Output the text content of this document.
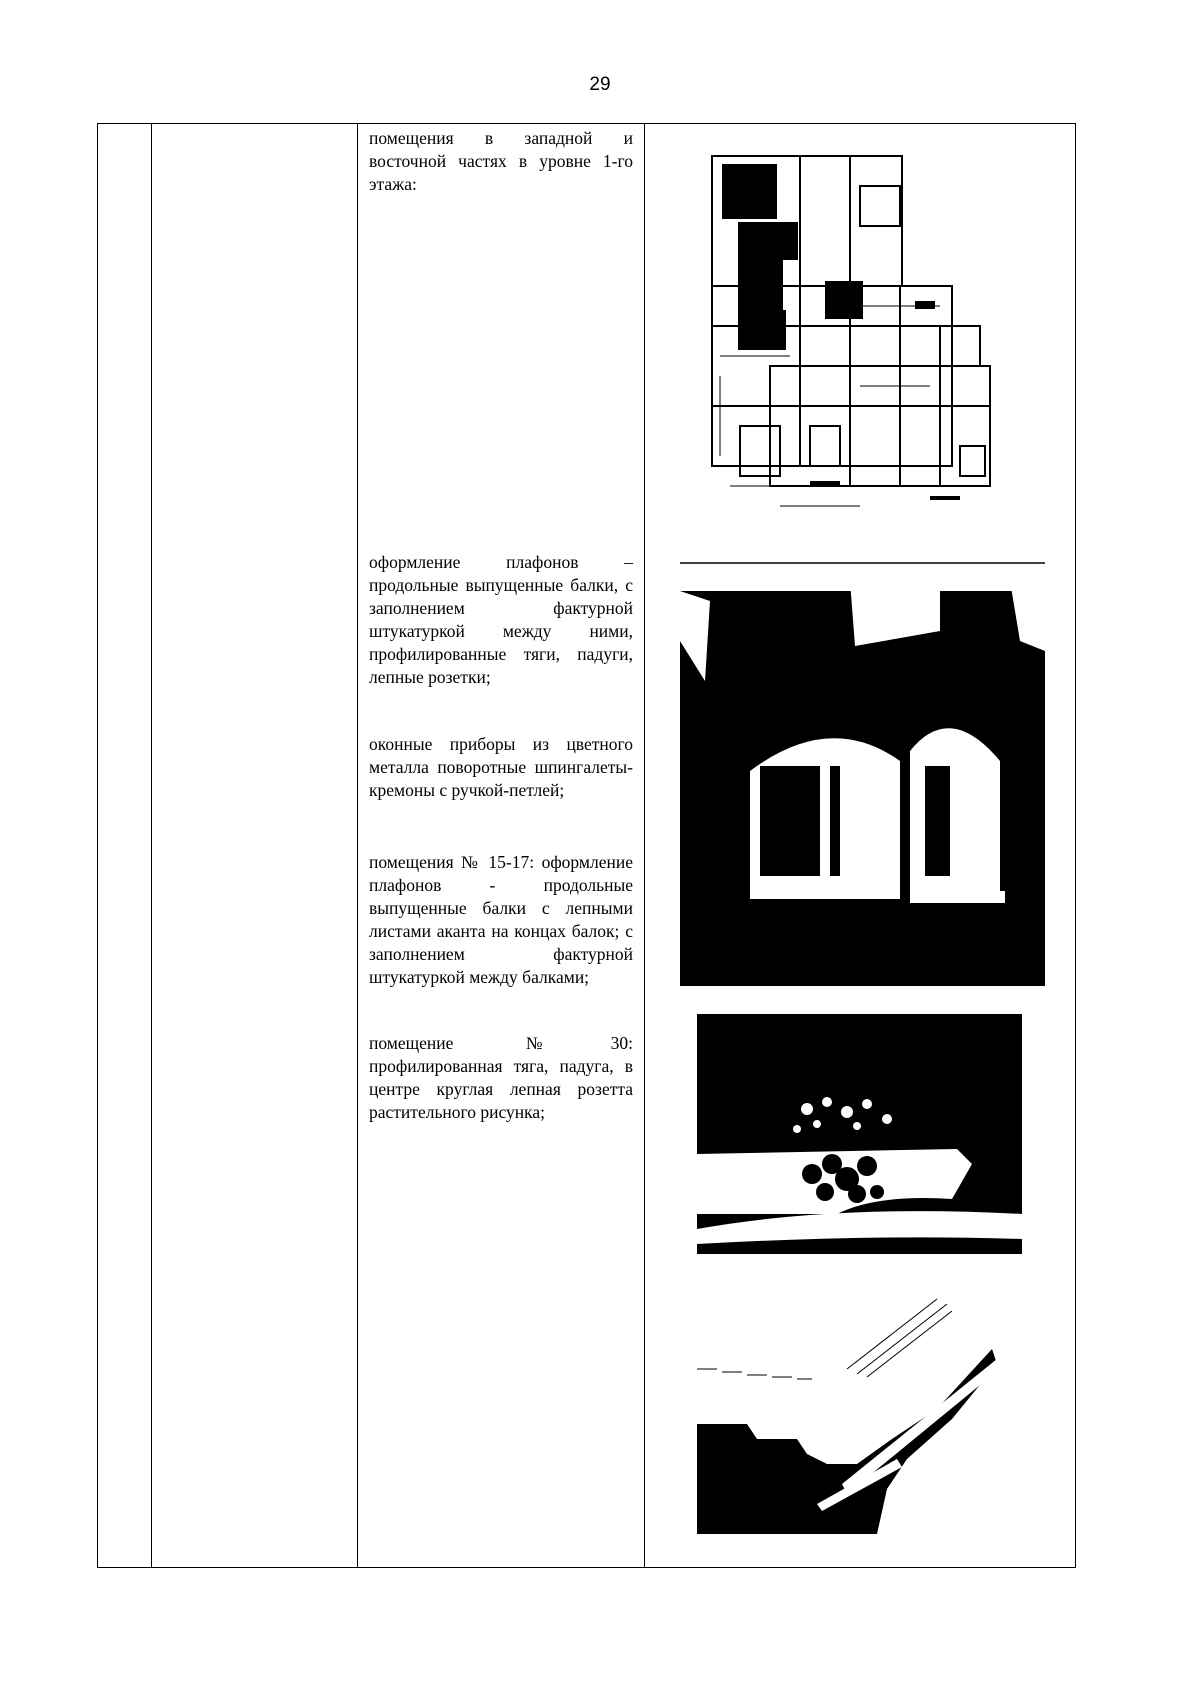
29

помещения в западной и восточной частях в уровне 1-го этажа:

оформление плафонов – продольные выпущенные балки, с заполнением фактурной штукатуркой между ними, профилированные тяги, падуги, лепные розетки;

оконные приборы из цветного металла поворотные шпингалеты-кремоны с ручкой-петлей;

помещения № 15-17: оформление плафонов - продольные выпущенные балки с лепными листами аканта на концах балок; с заполнением фактурной штукатуркой между балками;

помещение №30: профилированная тяга, падуга, в центре круглая лепная розетта растительного рисунка;
